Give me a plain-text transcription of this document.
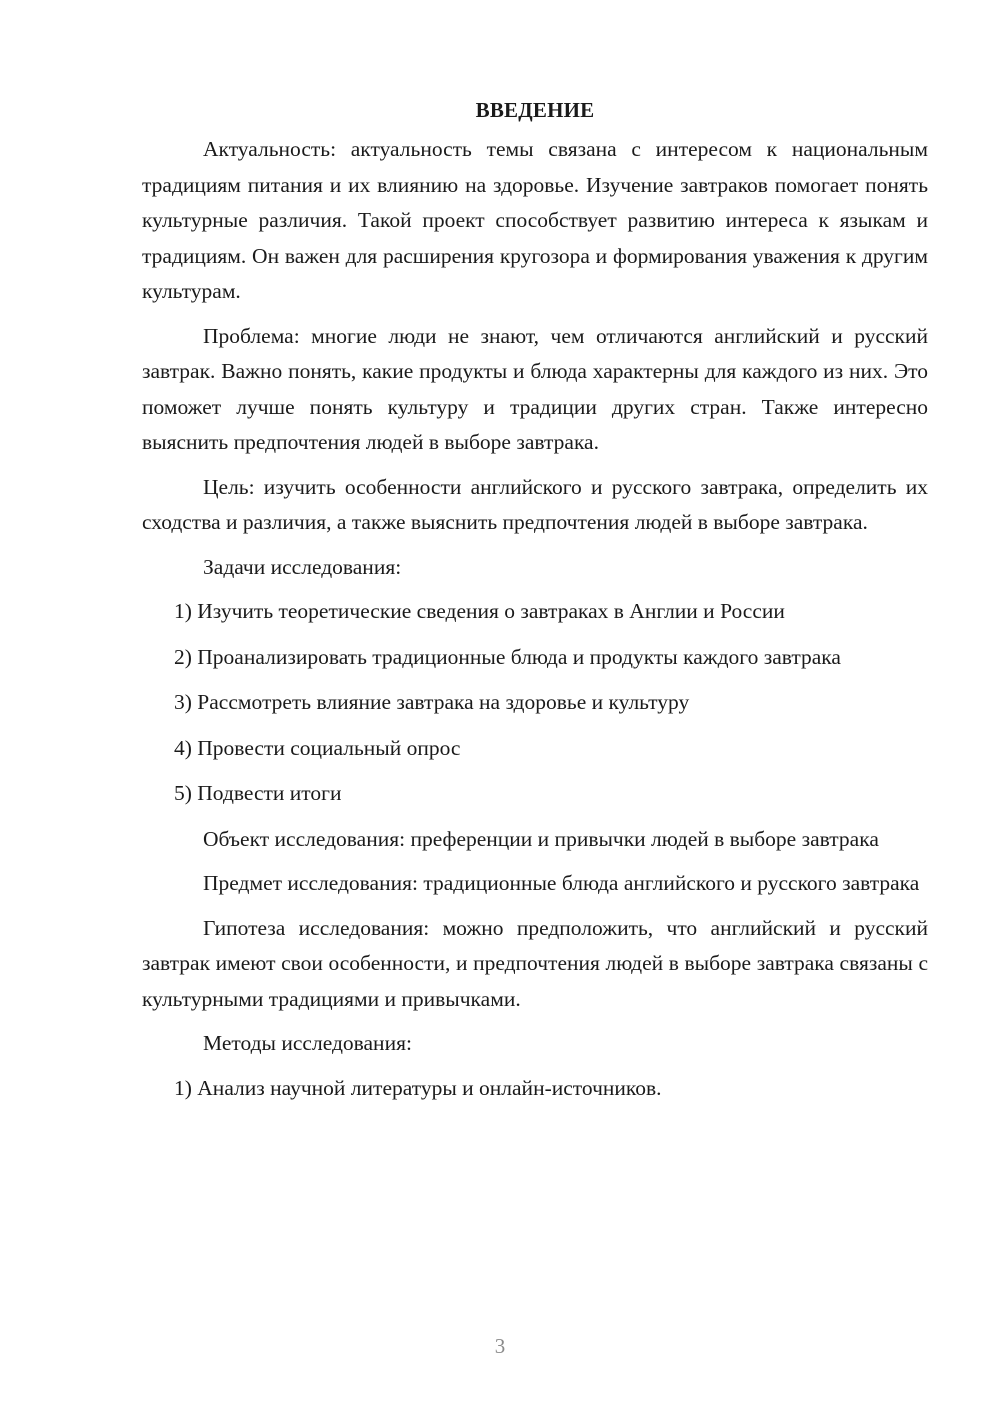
ВВЕДЕНИЕ

Актуальность: актуальность темы связана с интересом к национальным традициям питания и их влиянию на здоровье. Изучение завтраков помогает понять культурные различия. Такой проект способствует развитию интереса к языкам и традициям. Он важен для расширения кругозора и формирования уважения к другим культурам.

Проблема: многие люди не знают, чем отличаются английский и русский завтрак. Важно понять, какие продукты и блюда характерны для каждого из них. Это поможет лучше понять культуру и традиции других стран. Также интересно выяснить предпочтения людей в выборе завтрака.

Цель: изучить особенности английского и русского завтрака, определить их сходства и различия, а также выяснить предпочтения людей в выборе завтрака.

Задачи исследования:

1) Изучить теоретические сведения о завтраках в Англии и России

2) Проанализировать традиционные блюда и продукты каждого завтрака

3) Рассмотреть влияние завтрака на здоровье и культуру

4) Провести социальный опрос

5) Подвести итоги

Объект исследования: преференции и привычки людей в выборе завтрака

Предмет исследования: традиционные блюда английского и русского завтрака

Гипотеза исследования: можно предположить, что английский и русский завтрак имеют свои особенности, и предпочтения людей в выборе завтрака связаны с культурными традициями и привычками.

Методы исследования:

1) Анализ научной литературы и онлайн-источников.

3
